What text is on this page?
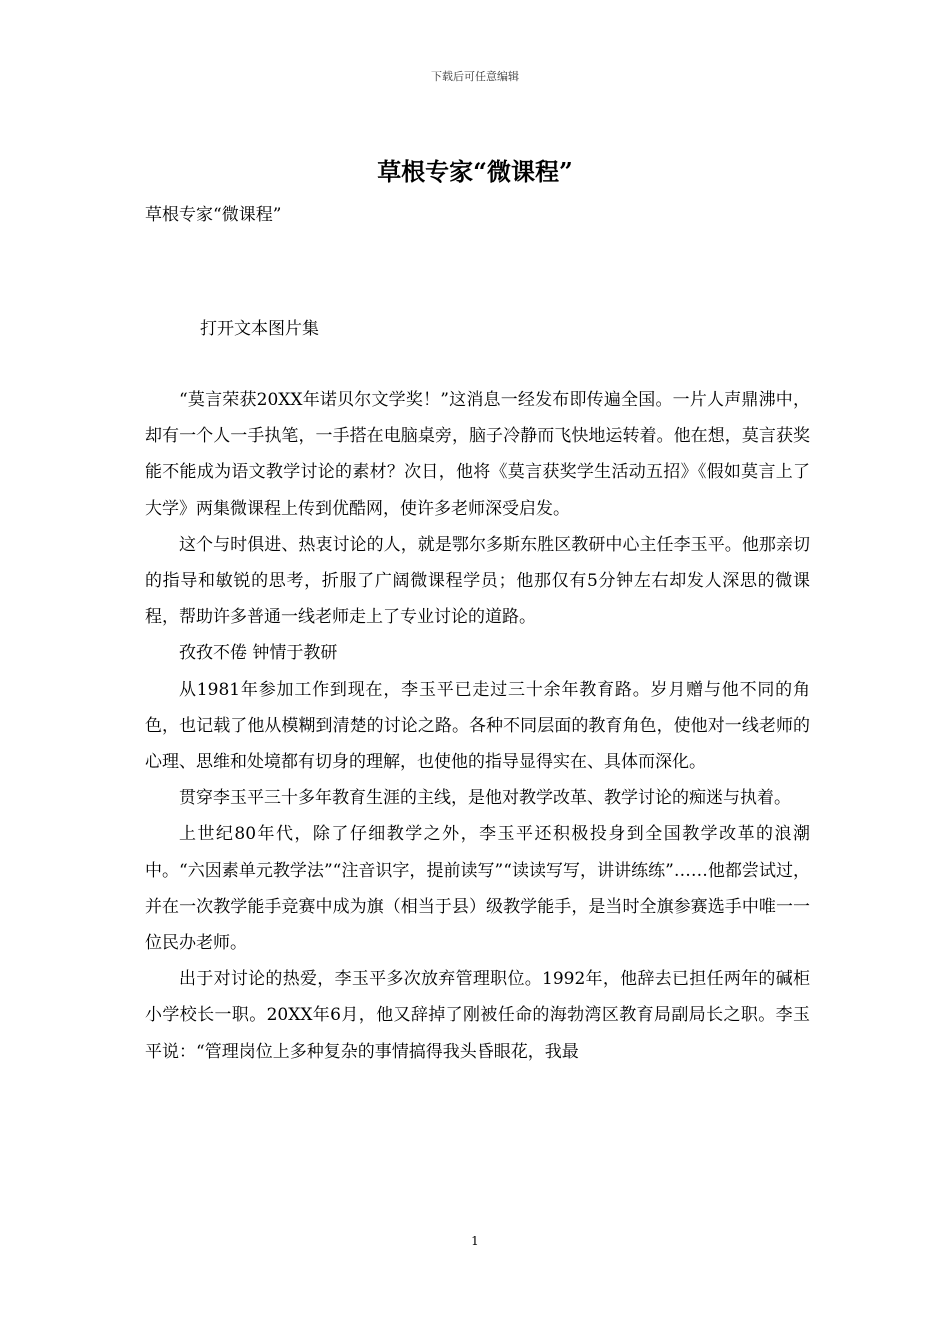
下载后可任意编辑
草根专家“微课程”
草根专家“微课程”
打开文本图片集

“莫言荣获20XX年诺贝尔文学奖！”这消息一经发布即传遍全国。一片人声鼎沸中，却有一个人一手执笔，一手搭在电脑桌旁，脑子冷静而飞快地运转着。他在想，莫言获奖能不能成为语文教学讨论的素材？次日，他将《莫言获奖学生活动五招》《假如莫言上了大学》两集微课程上传到优酷网，使许多老师深受启发。

这个与时俱进、热衷讨论的人，就是鄂尔多斯东胜区教研中心主任李玉平。他那亲切的指导和敏锐的思考，折服了广阔微课程学员；他那仅有5分钟左右却发人深思的微课程，帮助许多普通一线老师走上了专业讨论的道路。

孜孜不倦 钟情于教研

从1981年参加工作到现在，李玉平已走过三十余年教育路。岁月赠与他不同的角色，也记载了他从模糊到清楚的讨论之路。各种不同层面的教育角色，使他对一线老师的心理、思维和处境都有切身的理解，也使他的指导显得实在、具体而深化。

贯穿李玉平三十多年教育生涯的主线，是他对教学改革、教学讨论的痴迷与执着。

上世纪80年代，除了仔细教学之外，李玉平还积极投身到全国教学改革的浪潮中。“六因素单元教学法”“注音识字，提前读写”“读读写写，讲讲练练”……他都尝试过，并在一次教学能手竞赛中成为旗（相当于县）级教学能手，是当时全旗参赛选手中唯一一位民办老师。

出于对讨论的热爱，李玉平多次放弃管理职位。1992年，他辞去已担任两年的碱柜小学校长一职。20XX年6月，他又辞掉了刚被任命的海勃湾区教育局副局长之职。李玉平说：“管理岗位上多种复杂的事情搞得我头昏眼花，我最

1
